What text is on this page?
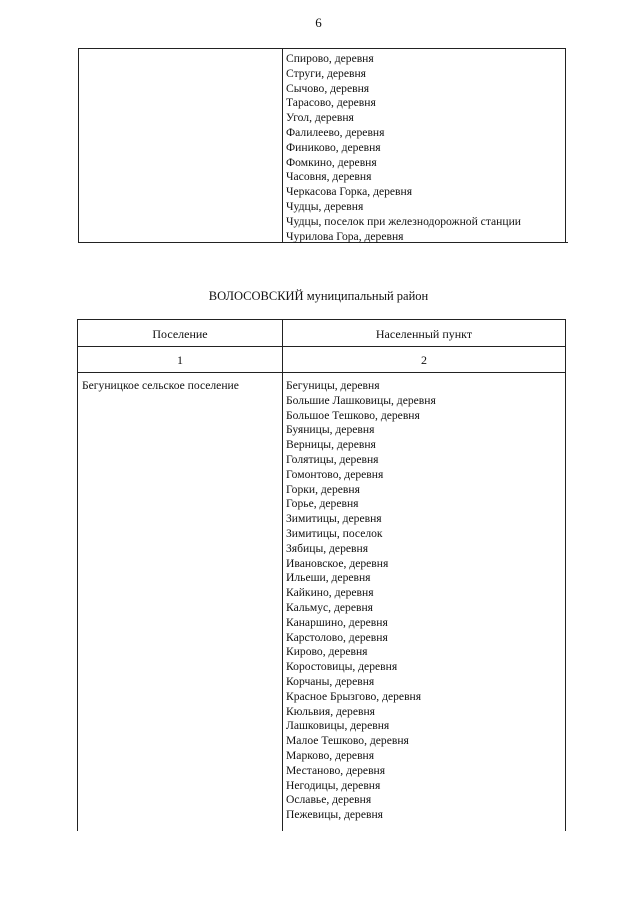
6
Спирово, деревня
Струги, деревня
Сычово, деревня
Тарасово, деревня
Угол, деревня
Фалилеево, деревня
Финиково, деревня
Фомкино, деревня
Часовня, деревня
Черкасова Горка, деревня
Чудцы, деревня
Чудцы, поселок при железнодорожной станции
Чурилова Гора, деревня
ВОЛОСОВСКИЙ муниципальный район
Поселение	Населенный пункт
1	2
Бегуницкое сельское поселение	Бегуницы, деревня
Большие Лашковицы, деревня
Большое Тешково, деревня
Буяницы, деревня
Верницы, деревня
Голятицы, деревня
Гомонтово, деревня
Горки, деревня
Горье, деревня
Зимитицы, деревня
Зимитицы, поселок
Зябицы, деревня
Ивановское, деревня
Ильеши, деревня
Кайкино, деревня
Кальмус, деревня
Канаршино, деревня
Карстолово, деревня
Кирово, деревня
Коростовицы, деревня
Корчаны, деревня
Красное Брызгово, деревня
Кюльвия, деревня
Лашковицы, деревня
Малое Тешково, деревня
Марково, деревня
Местаново, деревня
Негодицы, деревня
Ославье, деревня
Пежевицы, деревня
